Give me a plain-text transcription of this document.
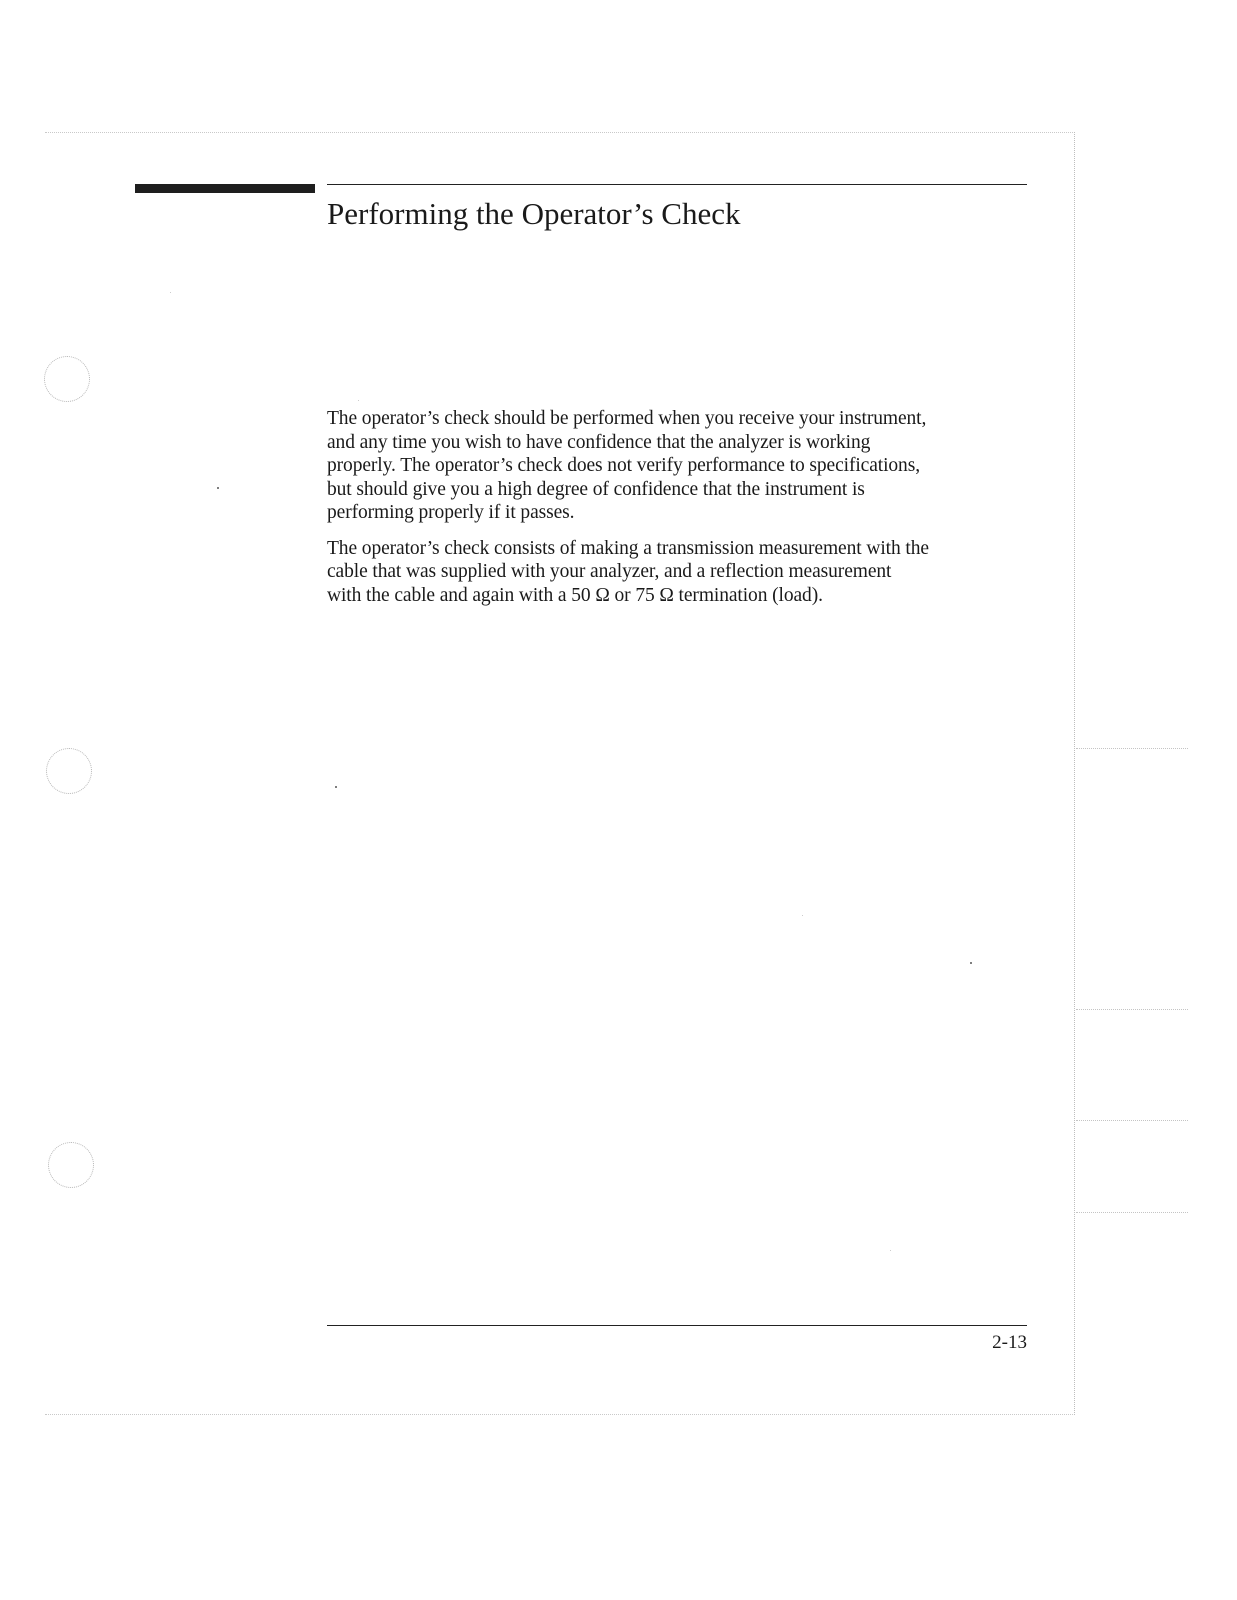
Performing the Operator’s Check

The operator’s check should be performed when you receive your instrument,
and any time you wish to have confidence that the analyzer is working
properly. The operator’s check does not verify performance to specifications,
but should give you a high degree of confidence that the instrument is
performing properly if it passes.

The operator’s check consists of making a transmission measurement with the
cable that was supplied with your analyzer, and a reflection measurement
with the cable and again with a 50 Ω or 75 Ω termination (load).

2-13
